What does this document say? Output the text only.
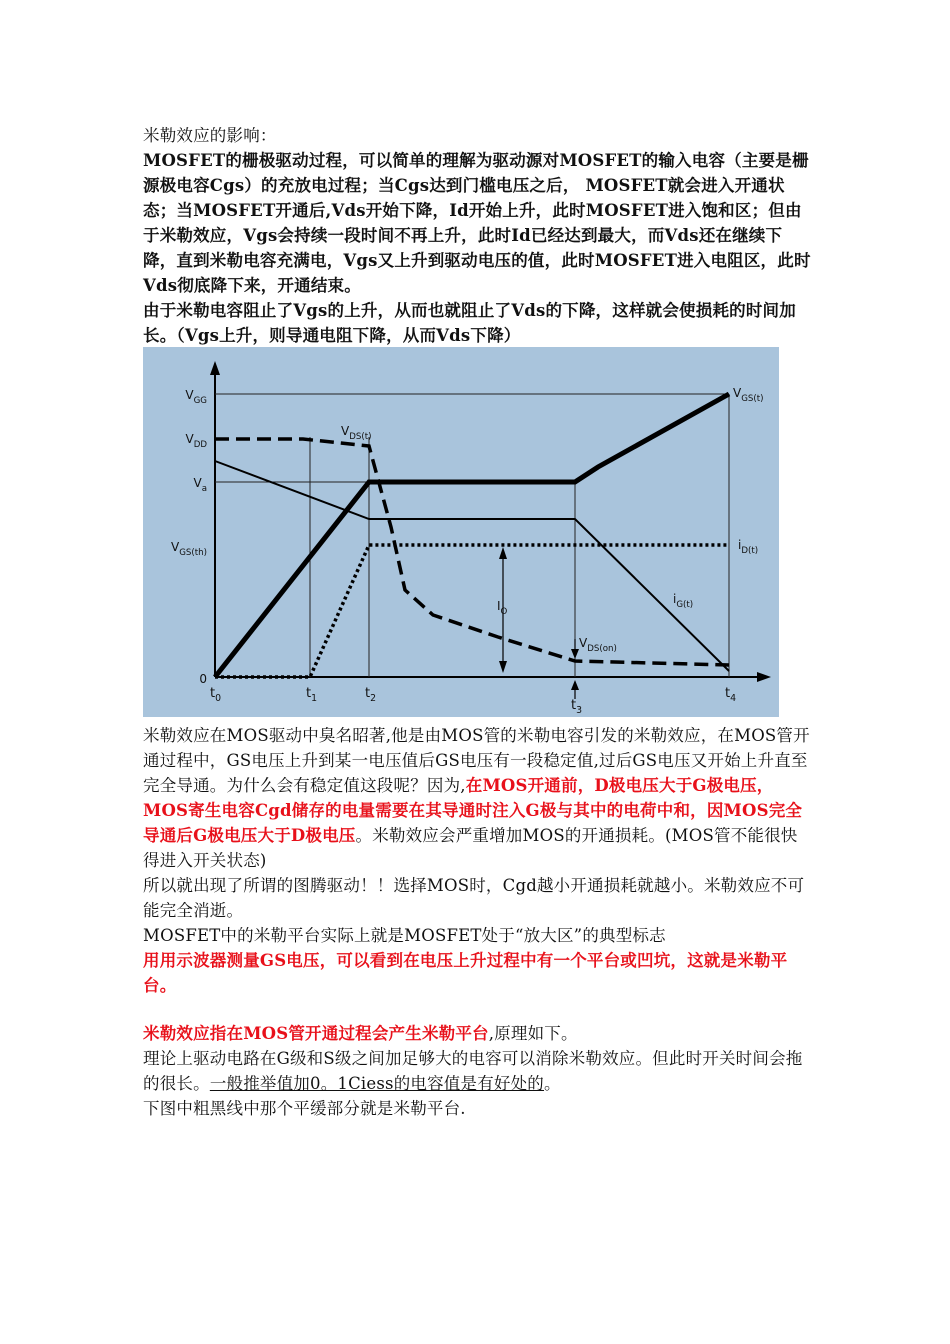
米勒效应的影响：

MOSFET的栅极驱动过程，可以简单的理解为驱动源对MOSFET的输入电容（主要是栅源极电容Cgs）的充放电过程；当Cgs达到门槛电压之后， MOSFET就会进入开通状态；当MOSFET开通后,Vds开始下降，Id开始上升，此时MOSFET进入饱和区；但由于米勒效应，Vgs会持续一段时间不再上升，此时Id已经达到最大，而Vds还在继续下降，直到米勒电容充满电，Vgs又上升到驱动电压的值，此时MOSFET进入电阻区，此时Vds彻底降下来，开通结束。

由于米勒电容阻止了Vgs的上升，从而也就阻止了Vds的下降，这样就会使损耗的时间加长。（Vgs上升，则导通电阻下降，从而Vds下降）

$V_{GG}$
$V_{DD}$
$V_a$
$V_{GS(th)}$
0
$t_0$	$t_1$	$t_2$	$t_3$
$t_4$
$V_{GS(t)}$
$V_{DS(t)}$
$i_{D(t)}$
$i_{G(t)}$
$I_O$
$V_{DS(on)}$

米勒效应在MOS驱动中臭名昭著,他是由MOS管的米勒电容引发的米勒效应，在MOS管开通过程中，GS电压上升到某一电压值后GS电压有一段稳定值,过后GS电压又开始上升直至完全导通。为什么会有稳定值这段呢？因为,在MOS开通前，D极电压大于G极电压，MOS寄生电容Cgd储存的电量需要在其导通时注入G极与其中的电荷中和，因MOS完全导通后G极电压大于D极电压。米勒效应会严重增加MOS的开通损耗。(MOS管不能很快得进入开关状态)

所以就出现了所谓的图腾驱动！！选择MOS时，Cgd越小开通损耗就越小。米勒效应不可能完全消逝。

MOSFET中的米勒平台实际上就是MOSFET处于“放大区”的典型标志

用用示波器测量GS电压，可以看到在电压上升过程中有一个平台或凹坑，这就是米勒平台。

米勒效应指在MOS管开通过程会产生米勒平台,原理如下。

理论上驱动电路在G级和S级之间加足够大的电容可以消除米勒效应。但此时开关时间会拖的很长。一般推举值加0。1Ciess的电容值是有好处的。

下图中粗黑线中那个平缓部分就是米勒平台.
